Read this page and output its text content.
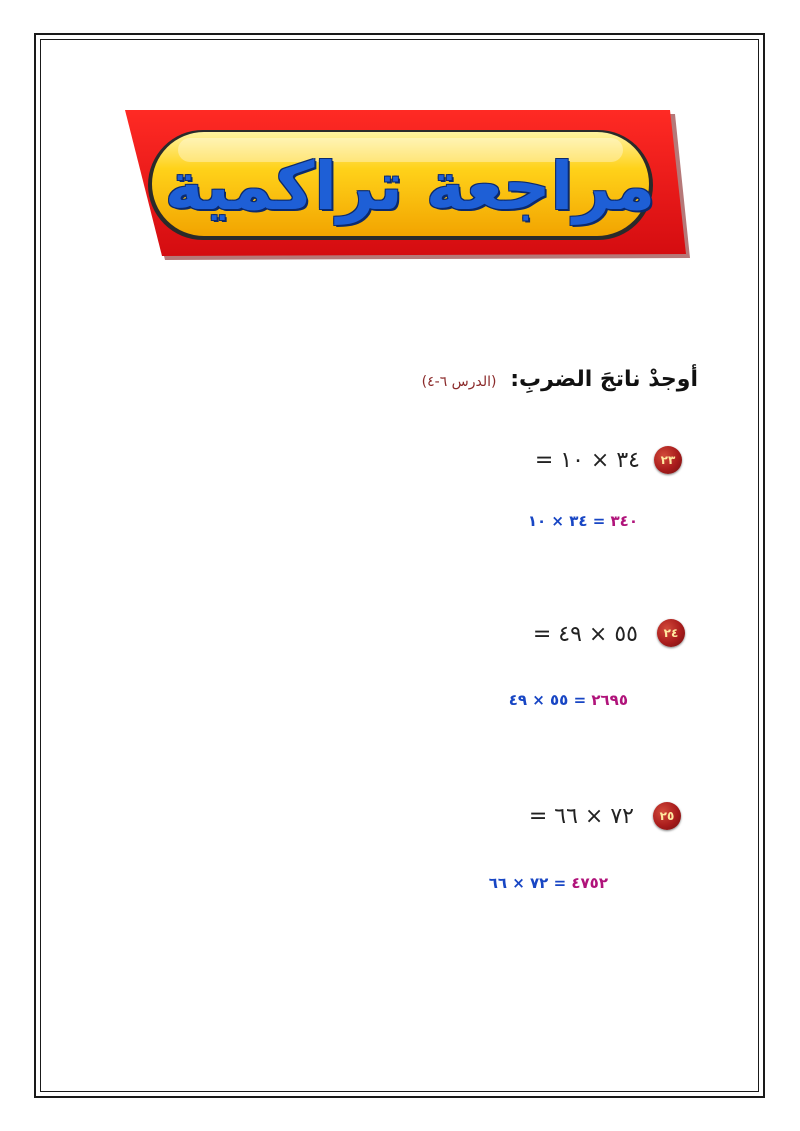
مراجعة تراكمية
أوجدْ ناتجَ الضربِ: (الدرس ٦-٤)
٢٣
٣٤ × ١٠ =
٣٤٠ = ٣٤ × ١٠
٢٤
٥٥ × ٤٩ =
٢٦٩٥ = ٥٥ × ٤٩
٢٥
٧٢ × ٦٦ =
٤٧٥٢ = ٧٢ × ٦٦
